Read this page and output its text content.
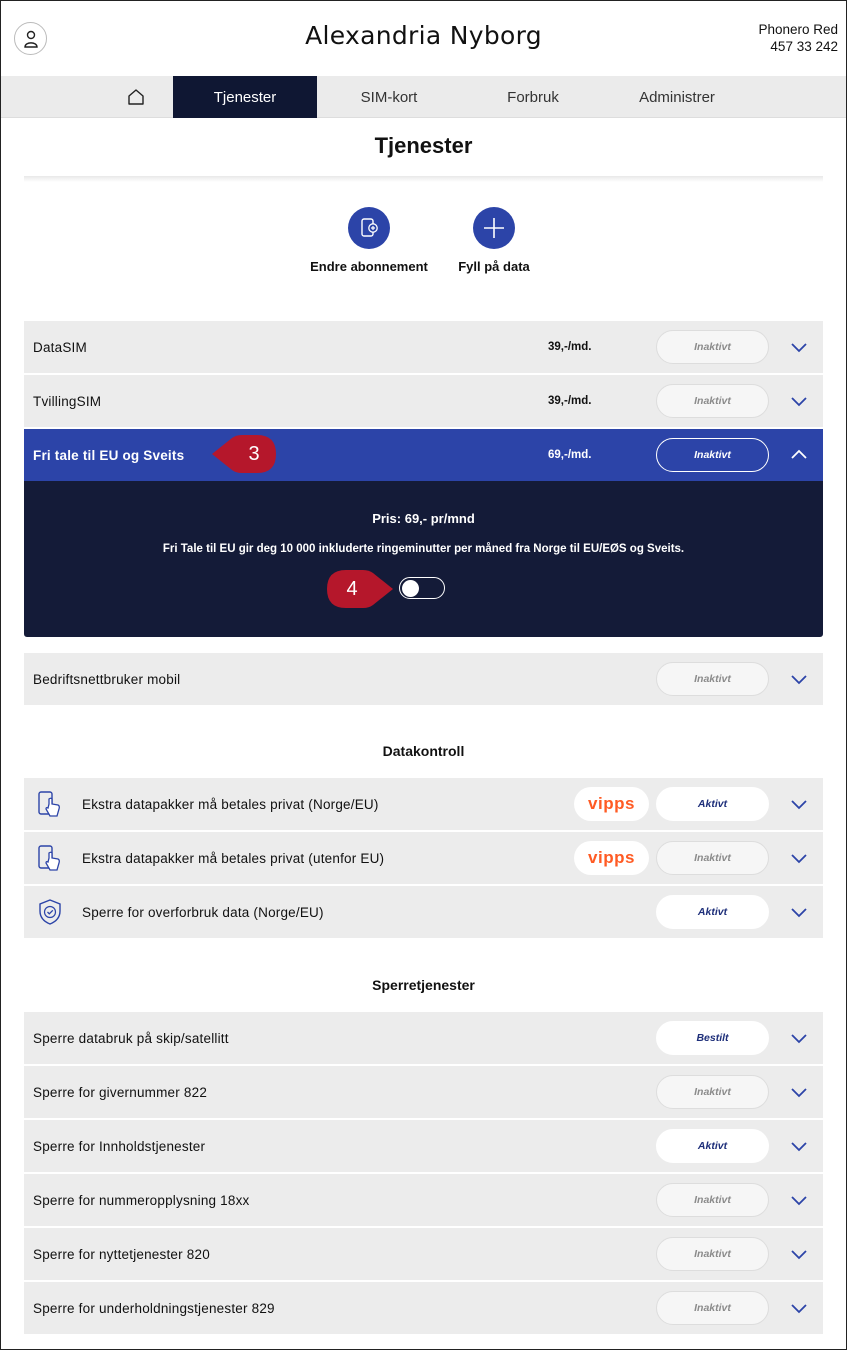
Alexandria Nyborg	Phonero Red
457 33 242
Tjenester	SIM-kort	Forbruk	Administrer
Tjenester
Endre abonnement	Fyll på data
DataSIM	39,-/md.	Inaktivt
TvillingSIM	39,-/md.	Inaktivt
Fri tale til EU og Sveits	69,-/md.	Inaktivt
Pris: 69,- pr/mnd
Fri Tale til EU gir deg 10 000 inkluderte ringeminutter per måned fra Norge til EU/EØS og Sveits.
3
4
Bedriftsnettbruker mobil	Inaktivt
Datakontroll
Ekstra datapakker må betales privat (Norge/EU)	vipps	Aktivt
Ekstra datapakker må betales privat (utenfor EU)	vipps	Inaktivt
Sperre for overforbruk data (Norge/EU)	Aktivt
Sperretjenester
Sperre databruk på skip/satellitt	Bestilt
Sperre for givernummer 822	Inaktivt
Sperre for Innholdstjenester	Aktivt
Sperre for nummeropplysning 18xx	Inaktivt
Sperre for nyttetjenester 820	Inaktivt
Sperre for underholdningstjenester 829	Inaktivt
